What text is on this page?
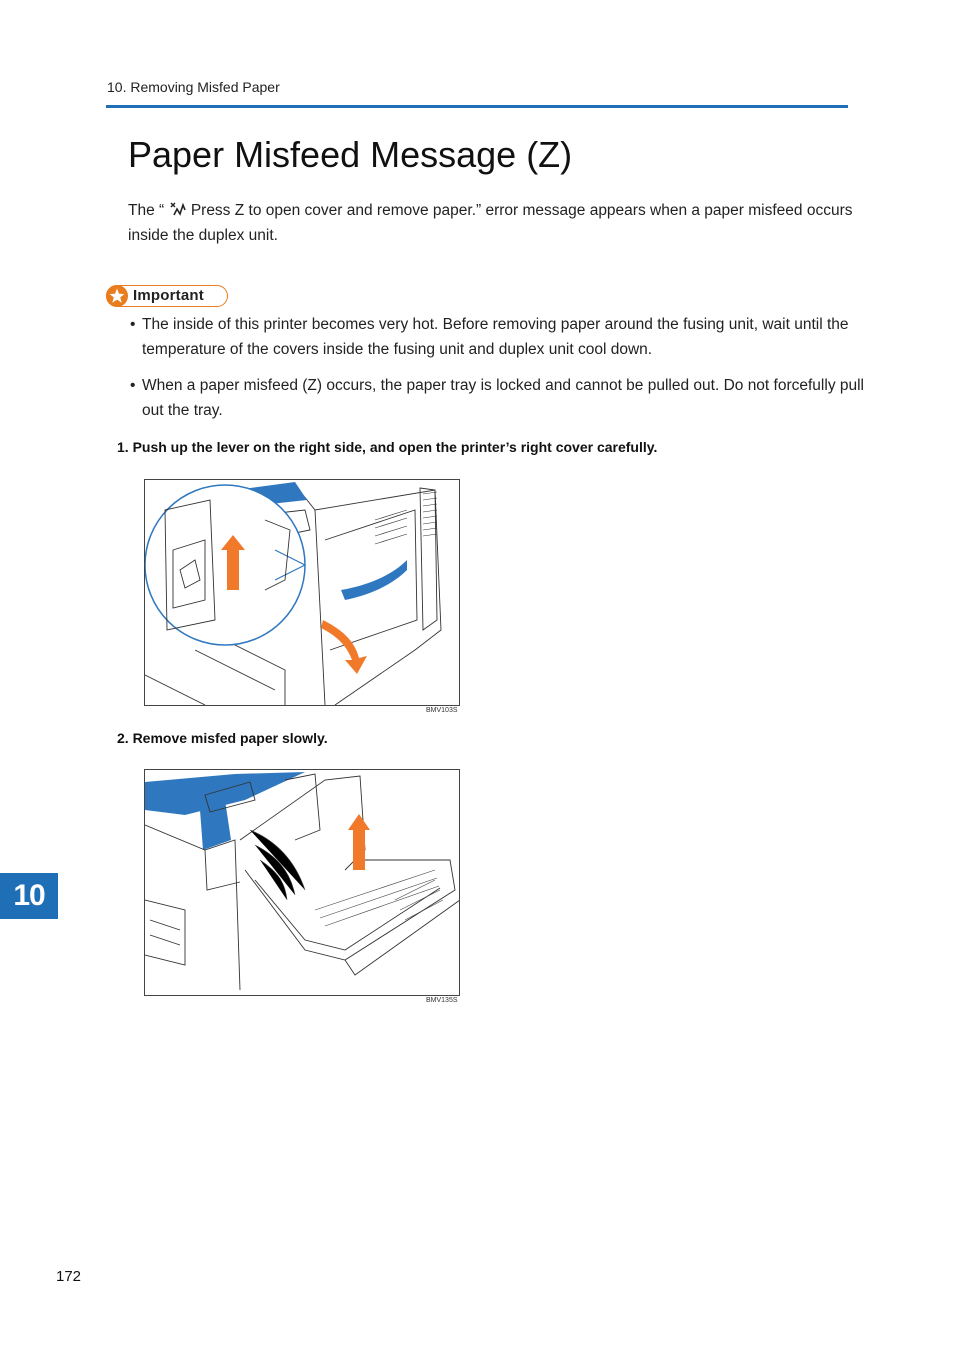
10. Removing Misfed Paper
Paper Misfeed Message (Z)
The “ Press Z to open cover and remove paper.” error message appears when a paper misfeed occurs inside the duplex unit.
Important
• The inside of this printer becomes very hot. Before removing paper around the fusing unit, wait until the temperature of the covers inside the fusing unit and duplex unit cool down.
• When a paper misfeed (Z) occurs, the paper tray is locked and cannot be pulled out. Do not forcefully pull out the tray.
1. Push up the lever on the right side, and open the printer’s right cover carefully.
BMV103S
2. Remove misfed paper slowly.
BMV135S
10
172
